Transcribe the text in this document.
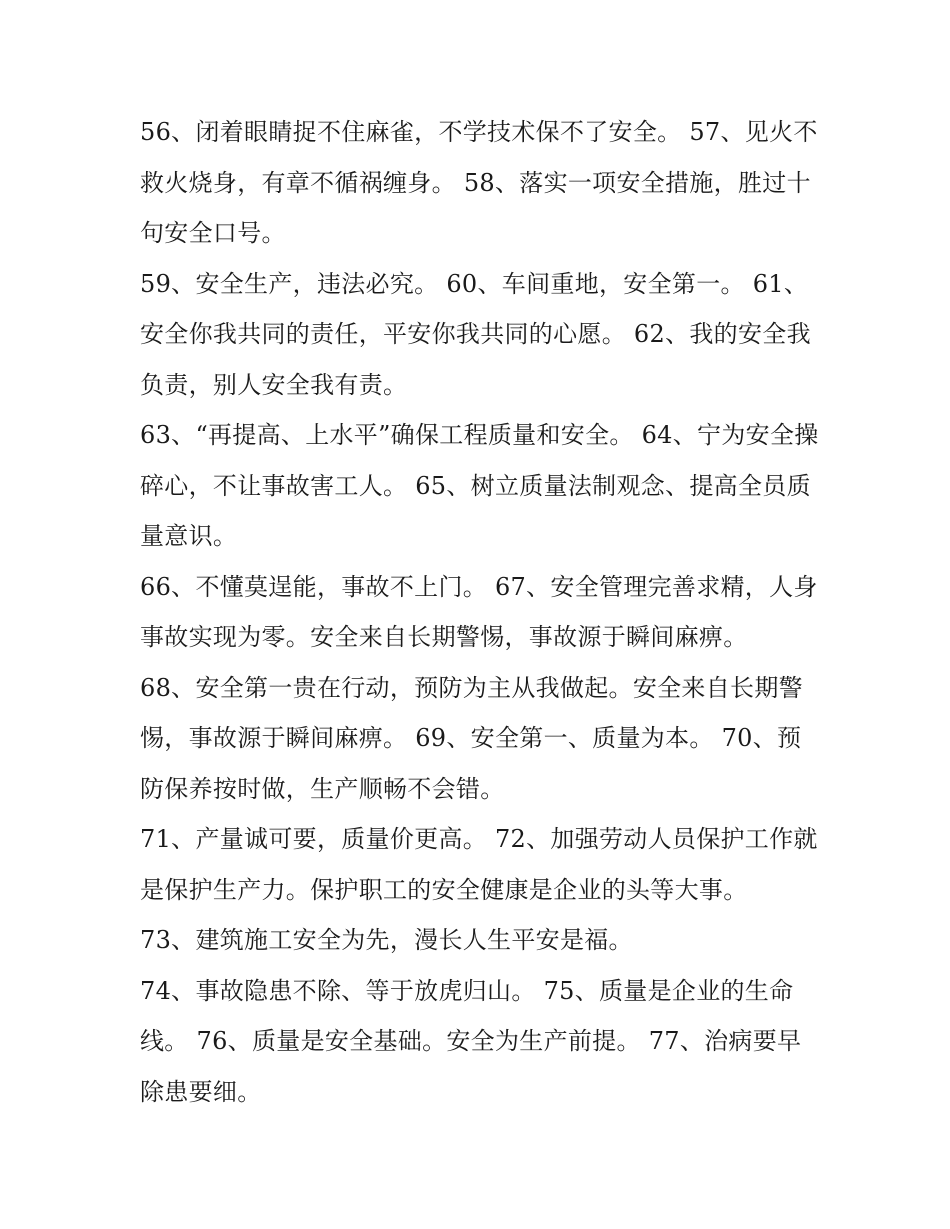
56、闭着眼睛捉不住麻雀，不学技术保不了安全。 57、见火不救火烧身，有章不循祸缠身。 58、落实一项安全措施，胜过十句安全口号。

59、安全生产，违法必究。 60、车间重地，安全第一。 61、安全你我共同的责任，平安你我共同的心愿。 62、我的安全我负责，别人安全我有责。

63、“再提高、上水平”确保工程质量和安全。 64、宁为安全操碎心，不让事故害工人。 65、树立质量法制观念、提高全员质量意识。

66、不懂莫逞能，事故不上门。 67、安全管理完善求精，人身事故实现为零。安全来自长期警惕，事故源于瞬间麻痹。

68、安全第一贵在行动，预防为主从我做起。安全来自长期警惕，事故源于瞬间麻痹。 69、安全第一、质量为本。 70、预防保养按时做，生产顺畅不会错。

71、产量诚可要，质量价更高。 72、加强劳动人员保护工作就是保护生产力。保护职工的安全健康是企业的头等大事。

73、建筑施工安全为先，漫长人生平安是福。

74、事故隐患不除、等于放虎归山。 75、质量是企业的生命线。 76、质量是安全基础。安全为生产前提。 77、治病要早除患要细。
